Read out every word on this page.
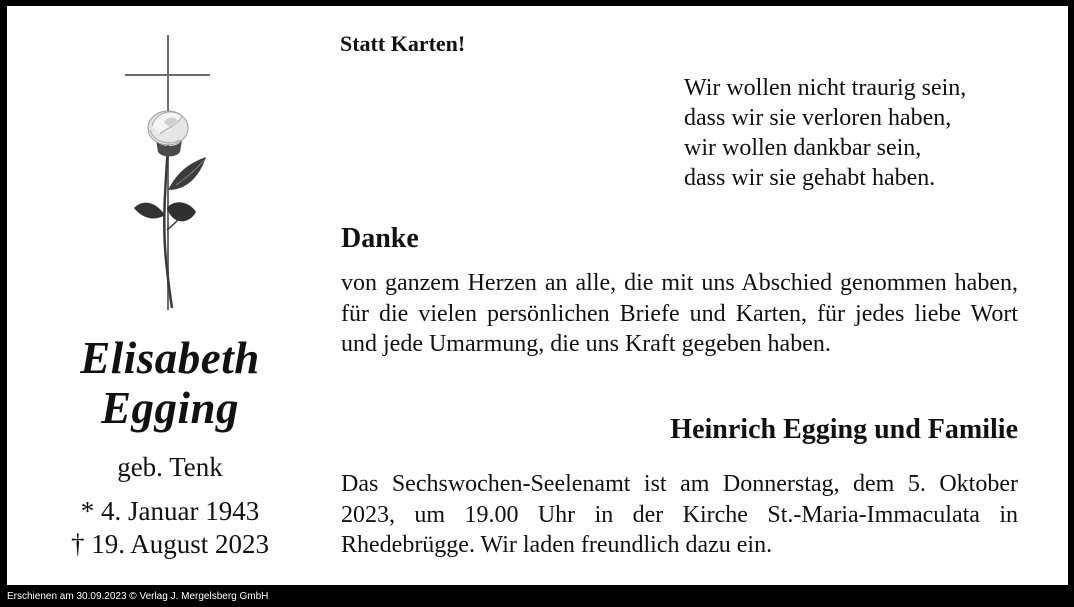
Elisabeth
Egging
geb. Tenk
* 4. Januar 1943
† 19. August 2023
Statt Karten!
Wir wollen nicht traurig sein,
dass wir sie verloren haben,
wir wollen dankbar sein,
dass wir sie gehabt haben.
Danke
von ganzem Herzen an alle, die mit uns Abschied genommen haben, für die vielen persönlichen Briefe und Karten, für jedes liebe Wort und jede Umarmung, die uns Kraft gegeben haben.
Heinrich Egging und Familie
Das Sechswochen-Seelenamt ist am Donnerstag, dem 5. Oktober 2023, um 19.00 Uhr in der Kirche St.-Maria-Immaculata in Rhedebrügge. Wir laden freundlich dazu ein.
Erschienen am 30.09.2023 © Verlag J. Mergelsberg GmbH
